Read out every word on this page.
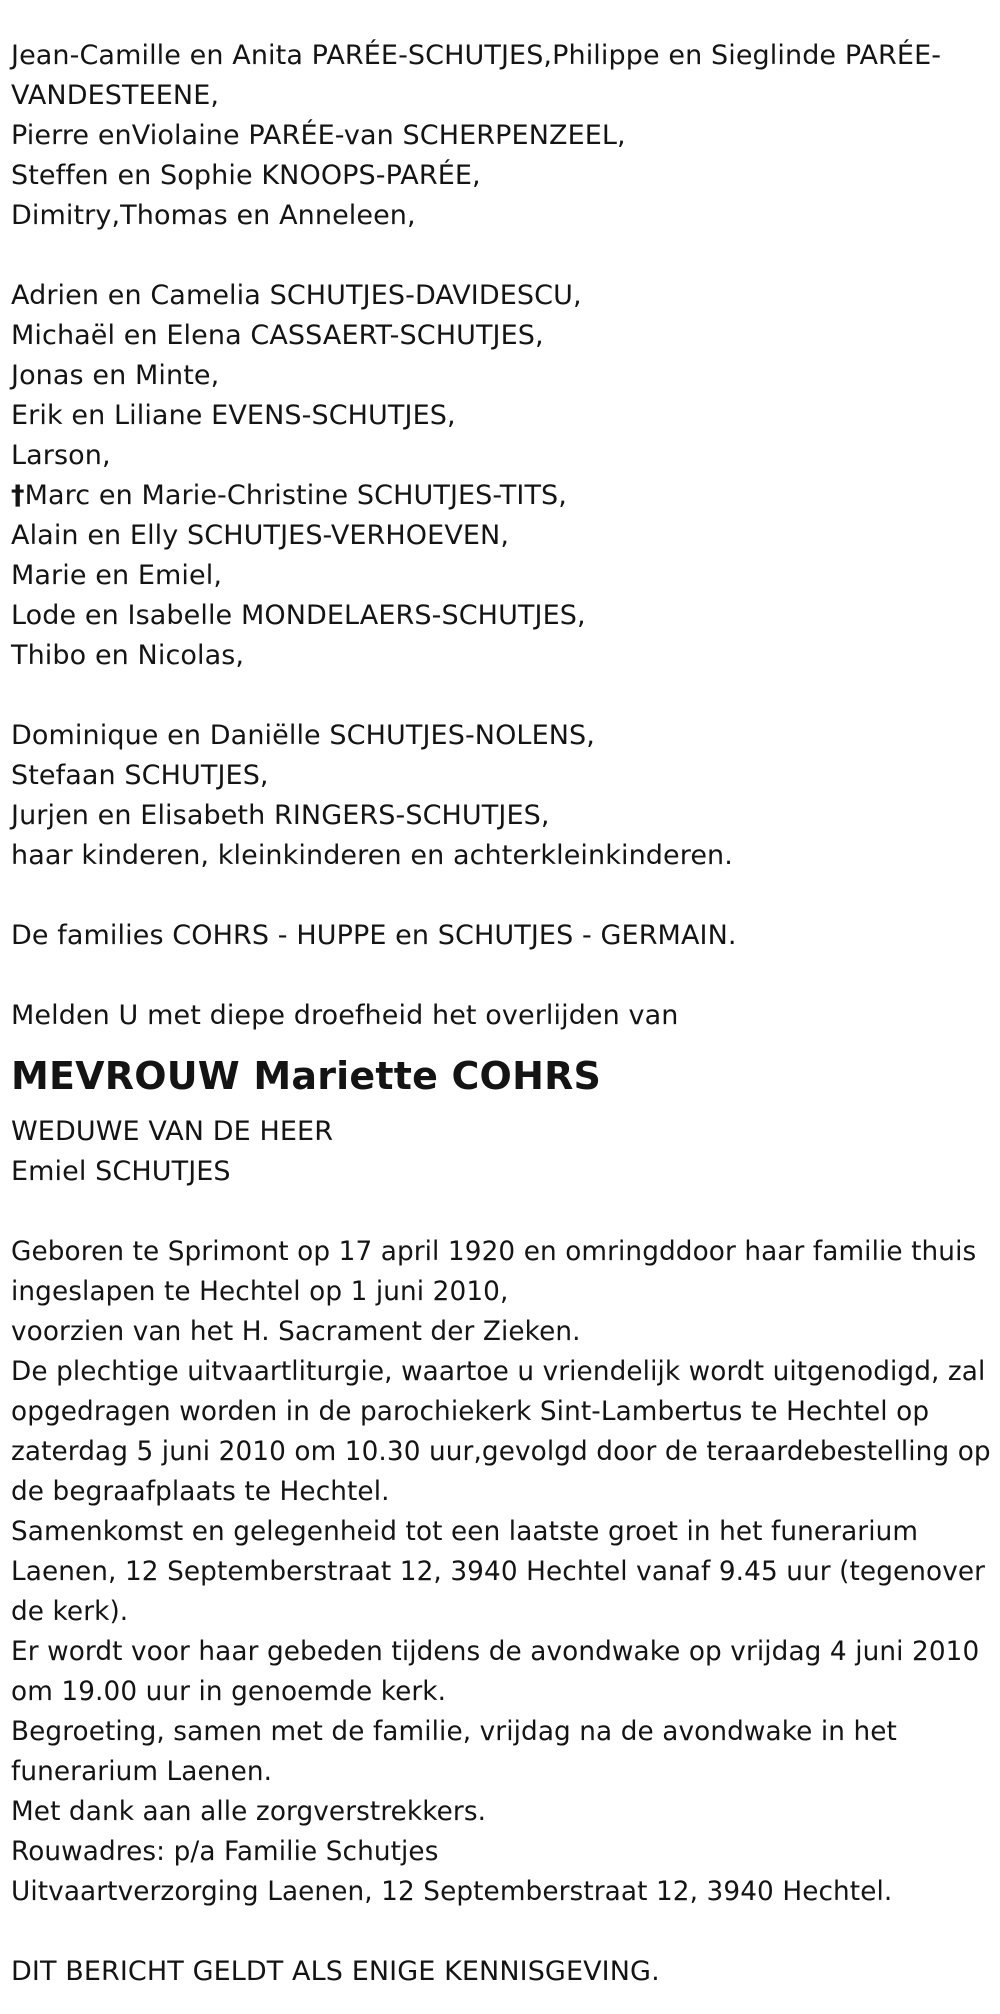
Jean-Camille en Anita PARÉE-SCHUTJES,Philippe en Sieglinde PARÉE-
VANDESTEENE,
Pierre enViolaine PARÉE-van SCHERPENZEEL,
Steffen en Sophie KNOOPS-PARÉE,
Dimitry,Thomas en Anneleen,
Adrien en Camelia SCHUTJES-DAVIDESCU,
Michaël en Elena CASSAERT-SCHUTJES,
Jonas en Minte,
Erik en Liliane EVENS-SCHUTJES,
Larson,
†Marc en Marie-Christine SCHUTJES-TITS,
Alain en Elly SCHUTJES-VERHOEVEN,
Marie en Emiel,
Lode en Isabelle MONDELAERS-SCHUTJES,
Thibo en Nicolas,
Dominique en Daniëlle SCHUTJES-NOLENS,
Stefaan SCHUTJES,
Jurjen en Elisabeth RINGERS-SCHUTJES,
haar kinderen, kleinkinderen en achterkleinkinderen.
De families COHRS - HUPPE en SCHUTJES - GERMAIN.
Melden U met diepe droefheid het overlijden van
MEVROUW Mariette COHRS
WEDUWE VAN DE HEER
Emiel SCHUTJES
Geboren te Sprimont op 17 april 1920 en omringddoor haar familie thuis
ingeslapen te Hechtel op 1 juni 2010,
voorzien van het H. Sacrament der Zieken.
De plechtige uitvaartliturgie, waartoe u vriendelijk wordt uitgenodigd, zal
opgedragen worden in de parochiekerk Sint-Lambertus te Hechtel op
zaterdag 5 juni 2010 om 10.30 uur,gevolgd door de teraardebestelling op
de begraafplaats te Hechtel.
Samenkomst en gelegenheid tot een laatste groet in het funerarium
Laenen, 12 Septemberstraat 12, 3940 Hechtel vanaf 9.45 uur (tegenover
de kerk).
Er wordt voor haar gebeden tijdens de avondwake op vrijdag 4 juni 2010
om 19.00 uur in genoemde kerk.
Begroeting, samen met de familie, vrijdag na de avondwake in het
funerarium Laenen.
Met dank aan alle zorgverstrekkers.
Rouwadres: p/a Familie Schutjes
Uitvaartverzorging Laenen, 12 Septemberstraat 12, 3940 Hechtel.
DIT BERICHT GELDT ALS ENIGE KENNISGEVING.
